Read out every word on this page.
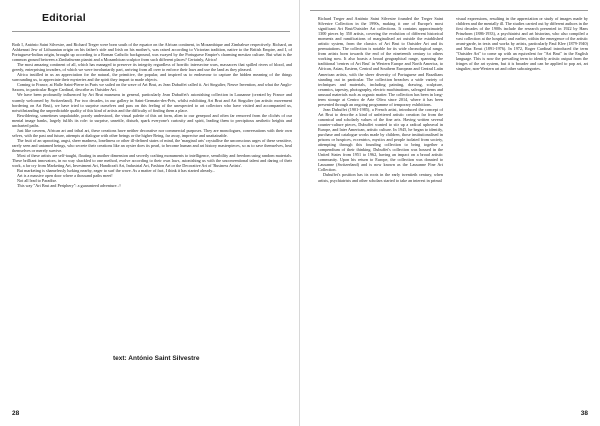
Editorial

Both I, António Saint Silvestre, and Richard Treger were born south of the equator on the African continent, in Mozambique and Zimbabwe respectively. Richard, an Ashkenazi Jew of Lithuanian origin on his father's side and Irish on his mother's, was raised according to Victorian tradition, native to the British Empire, and I, of Portuguese-Indian origin, brought up according to a Roman Catholic background, was swayed by the Portuguese Empire's charming mestizo culture. But what is the common ground between a Zimbabwean pianist and a Mozambican sculptor from such different places? Certainly, Africa!

The most amazing continent of all, which has managed to preserve its integrity regardless of horrific intersecine wars, massacres that spilled rivers of blood, and greedy, enterprising invaders, of which we were involuntarily part, arriving from all over to enforce their laws and use the land as they pleased.

Africa instilled in us an appreciation for the natural, the primitive, the popular, and inspired us to endeavour to capture the hidden meaning of the things surrounding us, to appreciate their mysteries and the spirit they impart to made objects.

Coming to France, at Halle Saint-Pierre in Paris we sailed on the wave of Art Brut, as Jean Dubuffet called it. Art Singulier, Neuve Invention, and what the Anglo-Saxons, in particular Roger Cardinal, describe as Outsider Art.

We have been profoundly influenced by Art Brut museums in general, particularly Jean Dubuffet's astonishing collection in Lausanne (created by France and warmly welcomed by Switzerland). For two decades, in our gallery in Saint-Germain-des-Prés, whilst exhibiting Art Brut and Art Singulier (an artistic movement bordering on Art Brut), we have tried to surprise ourselves and pass on this feeling of the unexpected to art collectors who have visited and accompanied us, notwithstanding the unpredictable quality of this kind of artists and the difficulty of finding them a place.

Bewildering, sometimes unpalatable, poorly understood, the visual palette of this art form, alien to our genepool and often far removed from the clichés of our mental image banks, largely fulfils its role: to surprise, unsettle, disturb, spark everyone's curiosity and spirit, leading them to precipitous aesthetic heights and uncharted paths.

Just like caverns, African art and tribal art, these creations have neither decorative nor commercial purposes. They are monologues, conversations with their own selves, with the past and future, attempts at dialogue with other beings or the higher Being, far away, imprecise and unattainable.

The fruit of an uprooting, angst, sheer madness, loneliness or other ill-defined states of mind, the 'marginal arts' crystallise the unconscious urges of these sensitive, rarely seen and untamed beings, who secrete their creations like an oyster does its pearl, to become human and art history masterpieces, so as to save themselves, heal themselves or merely survive.

Most of these artists are self-taught, floating in another dimension and secretly crafting monuments to intelligence, sensibility and freedom using random materials. These brilliant innovators, in no way shackled to one method, evolve according to their own laws, astonishing us with the unconventional talent and daring of their work, a far cry from Marketing Art, Investment Art, Handicraft Art, Industrial Art, Fashion Art or the Decorative Art of 'Business Artists'.

But marketing is shamelessly lurking nearby, eager to surf the wave. As a matter of fact, I think it has started already...

Art is a massive open door where a thousand paths meet!

Not all lead to Paradise.

This way "Art Brut and Periphery": a guaranteed adventure. //

text: António Saint Silvestre
28

Richard Treger and António Saint Silvestre founded the Treger Saint Silvestre Collection in the 1990s, making it one of Europe's most significant Art Brut/Outsider Art collections. It contains approximately 1300 pieces by 350 artists, covering the evolution of different historical moments and ramifications of marginalised art outside the established artistic system, from the classics of Art Brut to Outsider Art and its permutations. The collection is notable for its wide chronological range, from artists born towards the end of the nineteenth century to others working now. It also boasts a broad geographical range, spanning the traditional 'centres of Art Brut' in Western Europe and North America, to African, Asian, Eastern, Central and Southern European and Central Latin American artists, with the sheer diversity of Portuguese and Brazilians standing out in particular. The collection breaches a wide variety of techniques and materials, including painting, drawing, sculpture, ceramics, tapestry, photography, electric machinations, salvaged items and unusual materials such as organic matter. The collection has been in long-term storage at Centro de Arte Oliva since 2014, where it has been presented through an ongoing programme of temporary exhibitions.

Jean Dubuffet (1901-1985), a French artist, introduced the concept of Art Brut to describe a kind of unfettered artistic creation far from the canonical and scholarly values of the fine arts. Having written several counter-culture pieces, Dubuffet wanted to stir up a radical upheaval in Europe, and later American, artistic culture. In 1945, he began to identify, purchase and catalogue works made by children, those institutionalised in prisons or hospices, eccentrics, mystics and people isolated from society, attempting through this founding collection to bring together a compendium of their thinking. Dubuffet's collection was housed in the United States from 1951 to 1962, having an impact on a broad artistic community. Upon his return to Europe, the collection was donated to Lausanne (Switzerland) and is now known as the Lausanne Fine Art Collection.

Dubuffet's position has its roots in the early twentieth century, when artists, psychiatrists and other scholars started to take an interest in primal

visual expressions, resulting in the appreciation or study of images made by children and the mentally ill. The studies carried out by different authors in the first decades of the 1900s include the research presented in 1922 by Hans Prinzhorn (1886-1933), a psychiatrist and art historian, who also compiled a vast collection at the hospital; and earlier, within the emergence of the artistic avant-garde, in texts and works by artists, particularly Paul Klee (1879-1940) and Max Ernst (1891-1976). In 1972, Roger Cardinal introduced the term "Outsider Art" to come up with an equivalent for "Art Brut" in the English language. This is now the prevailing term to identify artistic output from the fringes of the art system, but it is broader and can be applied to pop art, art singulier, non-Western art and other subcategories.

38
